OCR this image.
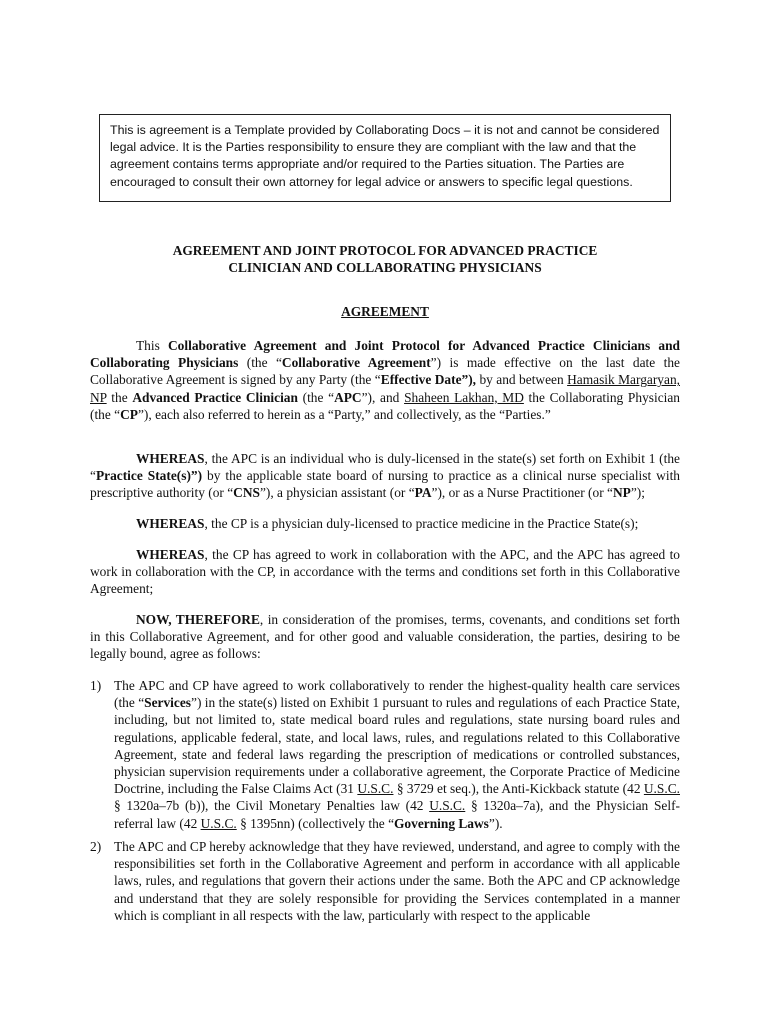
This is agreement is a Template provided by Collaborating Docs – it is not and cannot be considered legal advice. It is the Parties responsibility to ensure they are compliant with the law and that the agreement contains terms appropriate and/or required to the Parties situation. The Parties are encouraged to consult their own attorney for legal advice or answers to specific legal questions.
AGREEMENT AND JOINT PROTOCOL FOR ADVANCED PRACTICE
CLINICIAN AND COLLABORATING PHYSICIANS
AGREEMENT
This Collaborative Agreement and Joint Protocol for Advanced Practice Clinicians and Collaborating Physicians (the “Collaborative Agreement”) is made effective on the last date the Collaborative Agreement is signed by any Party (the “Effective Date”), by and between Hamasik Margaryan, NP the Advanced Practice Clinician (the “APC”), and Shaheen Lakhan, MD the Collaborating Physician (the “CP”), each also referred to herein as a “Party,” and collectively, as the “Parties.”
WHEREAS, the APC is an individual who is duly-licensed in the state(s) set forth on Exhibit 1 (the “Practice State(s)”) by the applicable state board of nursing to practice as a clinical nurse specialist with prescriptive authority (or “CNS”), a physician assistant (or “PA”), or as a Nurse Practitioner (or “NP”);
WHEREAS, the CP is a physician duly-licensed to practice medicine in the Practice State(s);
WHEREAS, the CP has agreed to work in collaboration with the APC, and the APC has agreed to work in collaboration with the CP, in accordance with the terms and conditions set forth in this Collaborative Agreement;
NOW, THEREFORE, in consideration of the promises, terms, covenants, and conditions set forth in this Collaborative Agreement, and for other good and valuable consideration, the parties, desiring to be legally bound, agree as follows:
1) The APC and CP have agreed to work collaboratively to render the highest-quality health care services (the “Services”) in the state(s) listed on Exhibit 1 pursuant to rules and regulations of each Practice State, including, but not limited to, state medical board rules and regulations, state nursing board rules and regulations, applicable federal, state, and local laws, rules, and regulations related to this Collaborative Agreement, state and federal laws regarding the prescription of medications or controlled substances, physician supervision requirements under a collaborative agreement, the Corporate Practice of Medicine Doctrine, including the False Claims Act (31 U.S.C. § 3729 et seq.), the Anti-Kickback statute (42 U.S.C. § 1320a–7b (b)), the Civil Monetary Penalties law (42 U.S.C. § 1320a–7a), and the Physician Self-referral law (42 U.S.C. § 1395nn) (collectively the “Governing Laws”).
2) The APC and CP hereby acknowledge that they have reviewed, understand, and agree to comply with the responsibilities set forth in the Collaborative Agreement and perform in accordance with all applicable laws, rules, and regulations that govern their actions under the same. Both the APC and CP acknowledge and understand that they are solely responsible for providing the Services contemplated in a manner which is compliant in all respects with the law, particularly with respect to the applicable
